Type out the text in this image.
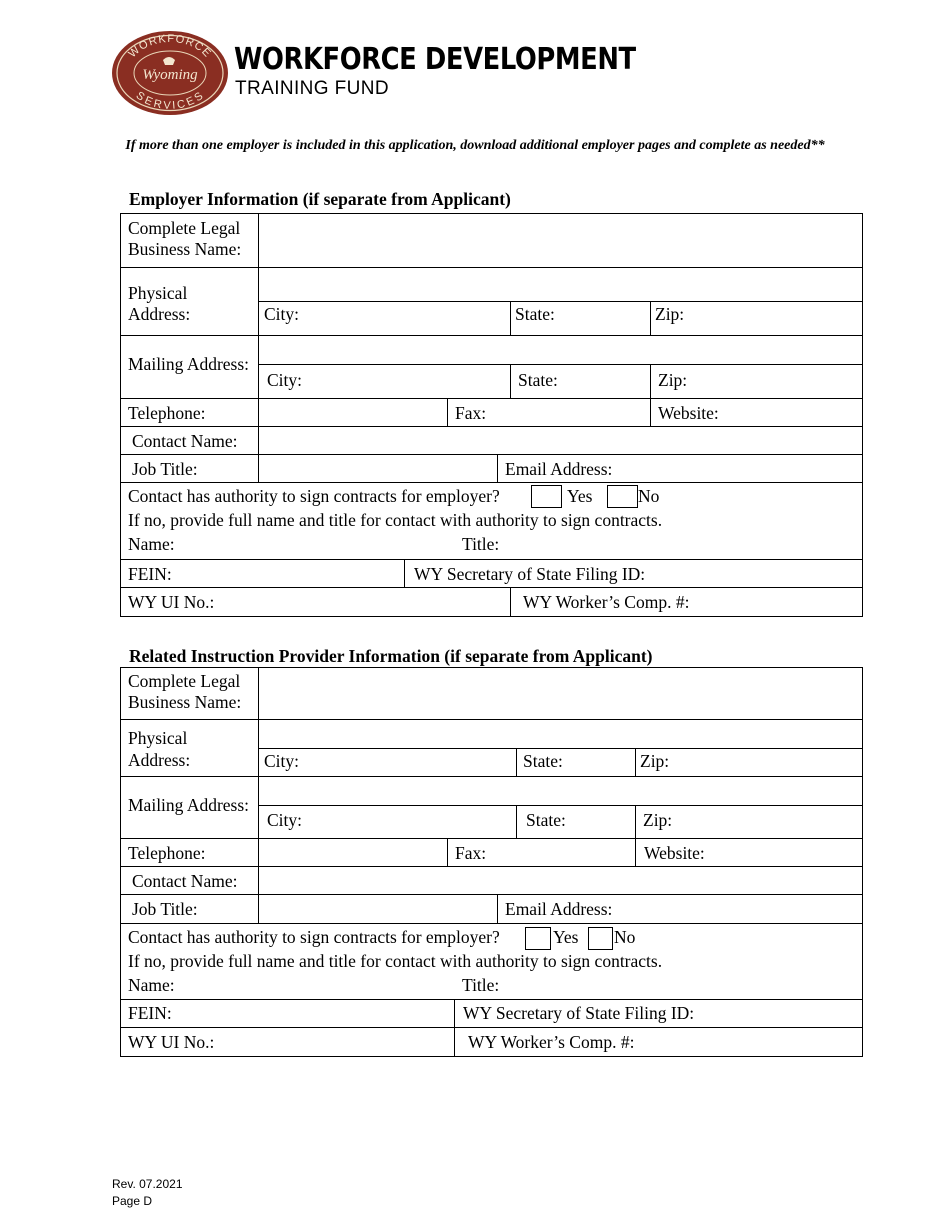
WORKFORCE
SERVICES
Wyoming WORKFORCE DEVELOPMENT
TRAINING FUND
If more than one employer is included in this application, download additional employer pages and complete as needed**
Employer Information (if separate from Applicant)
Complete Legal
Business Name:
Physical
Address:	City:	State:	Zip:
Mailing Address:
City:	State:	Zip:
Telephone:	Fax:	Website:
Contact Name:
Job Title:	Email Address:
Contact has authority to sign contracts for employer?	Yes	No
If no, provide full name and title for contact with authority to sign contracts.
Name:	Title:
FEIN:	WY Secretary of State Filing ID:
WY UI No.:	WY Worker’s Comp. #:
Related Instruction Provider Information (if separate from Applicant)
Complete Legal
Business Name:
Physical
Address:	City:	State:	Zip:
Mailing Address:
City:	State:	Zip:
Telephone:	Fax:	Website:
Contact Name:
Job Title:	Email Address:
Contact has authority to sign contracts for employer?	Yes No
If no, provide full name and title for contact with authority to sign contracts.
Name:	Title:
FEIN:	WY Secretary of State Filing ID:
WY UI No.:	WY Worker’s Comp. #:
Rev. 07.2021
Page D
